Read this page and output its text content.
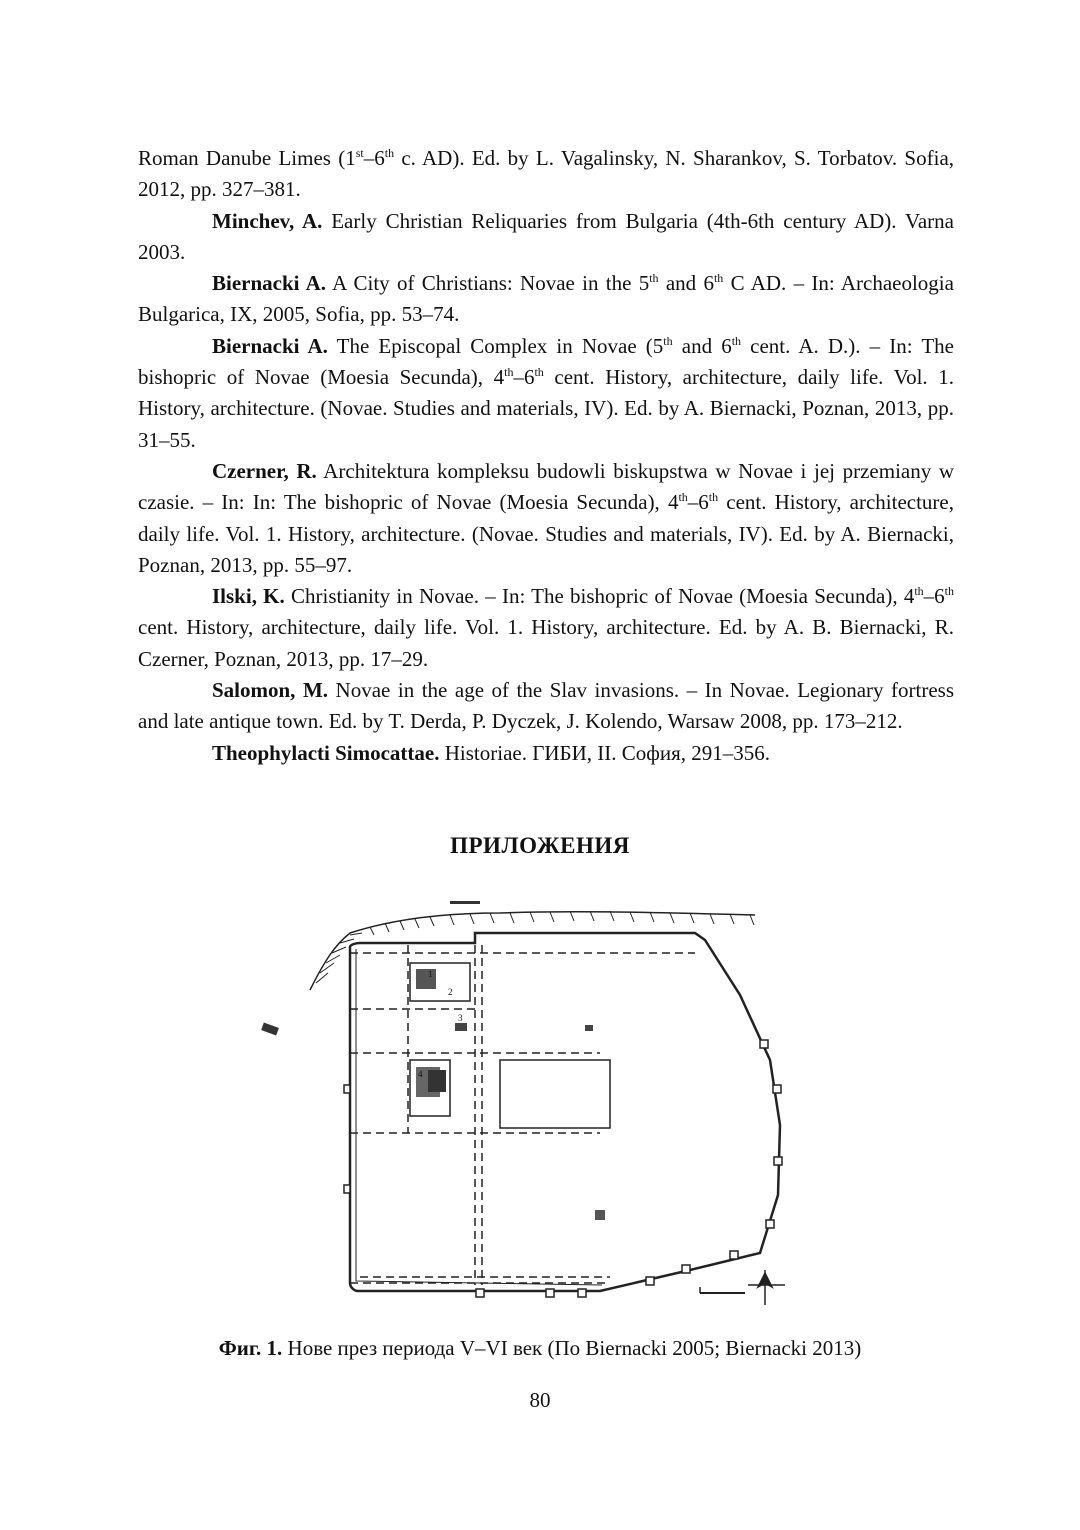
Roman Danube Limes (1st–6th c. AD). Ed. by L. Vagalinsky, N. Sharankov, S. Torbatov. Sofia, 2012, pp. 327–381.

Minchev, A. Early Christian Reliquaries from Bulgaria (4th-6th century AD). Varna 2003.

Biernacki A. A City of Christians: Novae in the 5th and 6th C AD. – In: Archaeologia Bulgarica, IX, 2005, Sofia, pp. 53–74.

Biernacki A. The Episcopal Complex in Novae (5th and 6th cent. A. D.). – In: The bishopric of Novae (Moesia Secunda), 4th–6th cent. History, architecture, daily life. Vol. 1. History, architecture. (Novae. Studies and materials, IV). Ed. by A. Biernacki, Poznan, 2013, pp. 31–55.

Czerner, R. Architektura kompleksu budowli biskupstwa w Novae i jej przemiany w czasie. – In: In: The bishopric of Novae (Moesia Secunda), 4th–6th cent. History, architecture, daily life. Vol. 1. History, architecture. (Novae. Studies and materials, IV). Ed. by A. Biernacki, Poznan, 2013, pp. 55–97.

Ilski, K. Christianity in Novae. – In: The bishopric of Novae (Moesia Secunda), 4th–6th cent. History, architecture, daily life. Vol. 1. History, architecture. Ed. by A. B. Biernacki, R. Czerner, Poznan, 2013, pp. 17–29.

Salomon, M. Novae in the age of the Slav invasions. – In Novae. Legionary fortress and late antique town. Ed. by T. Derda, P. Dyczek, J. Kolendo, Warsaw 2008, pp. 173–212.

Theophylacti Simocattae. Historiae. ГИБИ, II. София, 291–356.

ПРИЛОЖЕНИЯ
1
2
3
4
Фиг. 1. Нове през периода V–VI век (По Biernacki 2005; Biernacki 2013)
80
